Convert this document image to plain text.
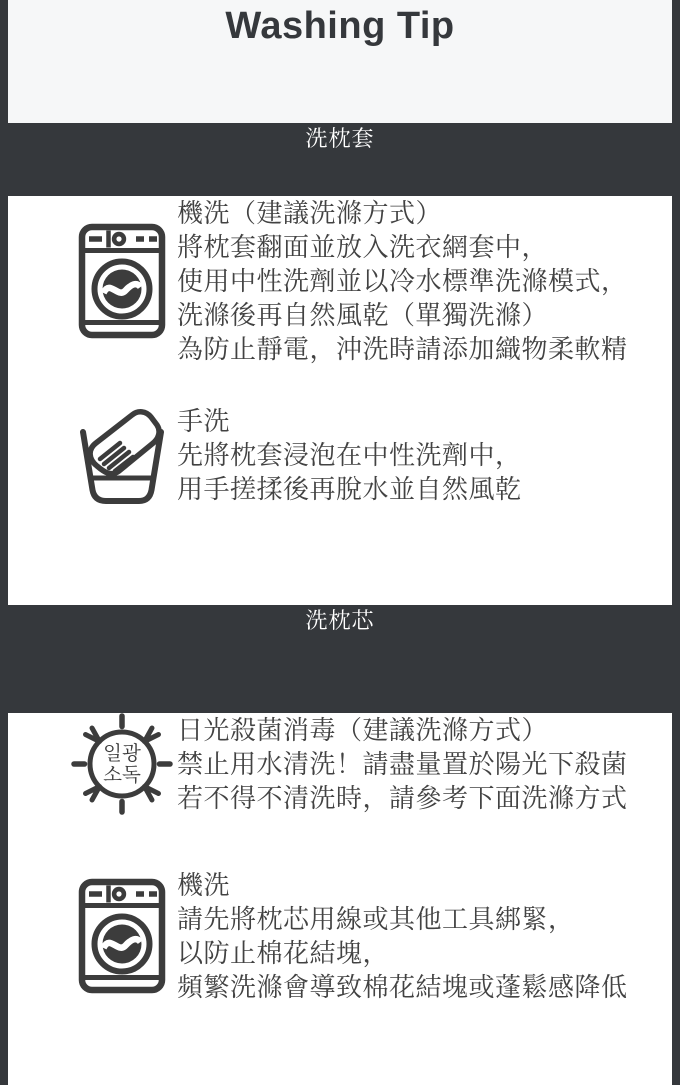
Washing Tip
洗枕套

機洗（建議洗滌方式）

將枕套翻面並放入洗衣網套中，

使用中性洗劑並以冷水標準洗滌模式，

洗滌後再自然風乾（單獨洗滌）

為防止靜電，沖洗時請添加織物柔軟精

手洗

先將枕套浸泡在中性洗劑中，

用手搓揉後再脫水並自然風乾

洗枕芯
일광
소독

日光殺菌消毒（建議洗滌方式）

禁止用水清洗！請盡量置於陽光下殺菌

若不得不清洗時，請參考下面洗滌方式

機洗

請先將枕芯用線或其他工具綁緊，

以防止棉花結塊，

頻繁洗滌會導致棉花結塊或蓬鬆感降低
